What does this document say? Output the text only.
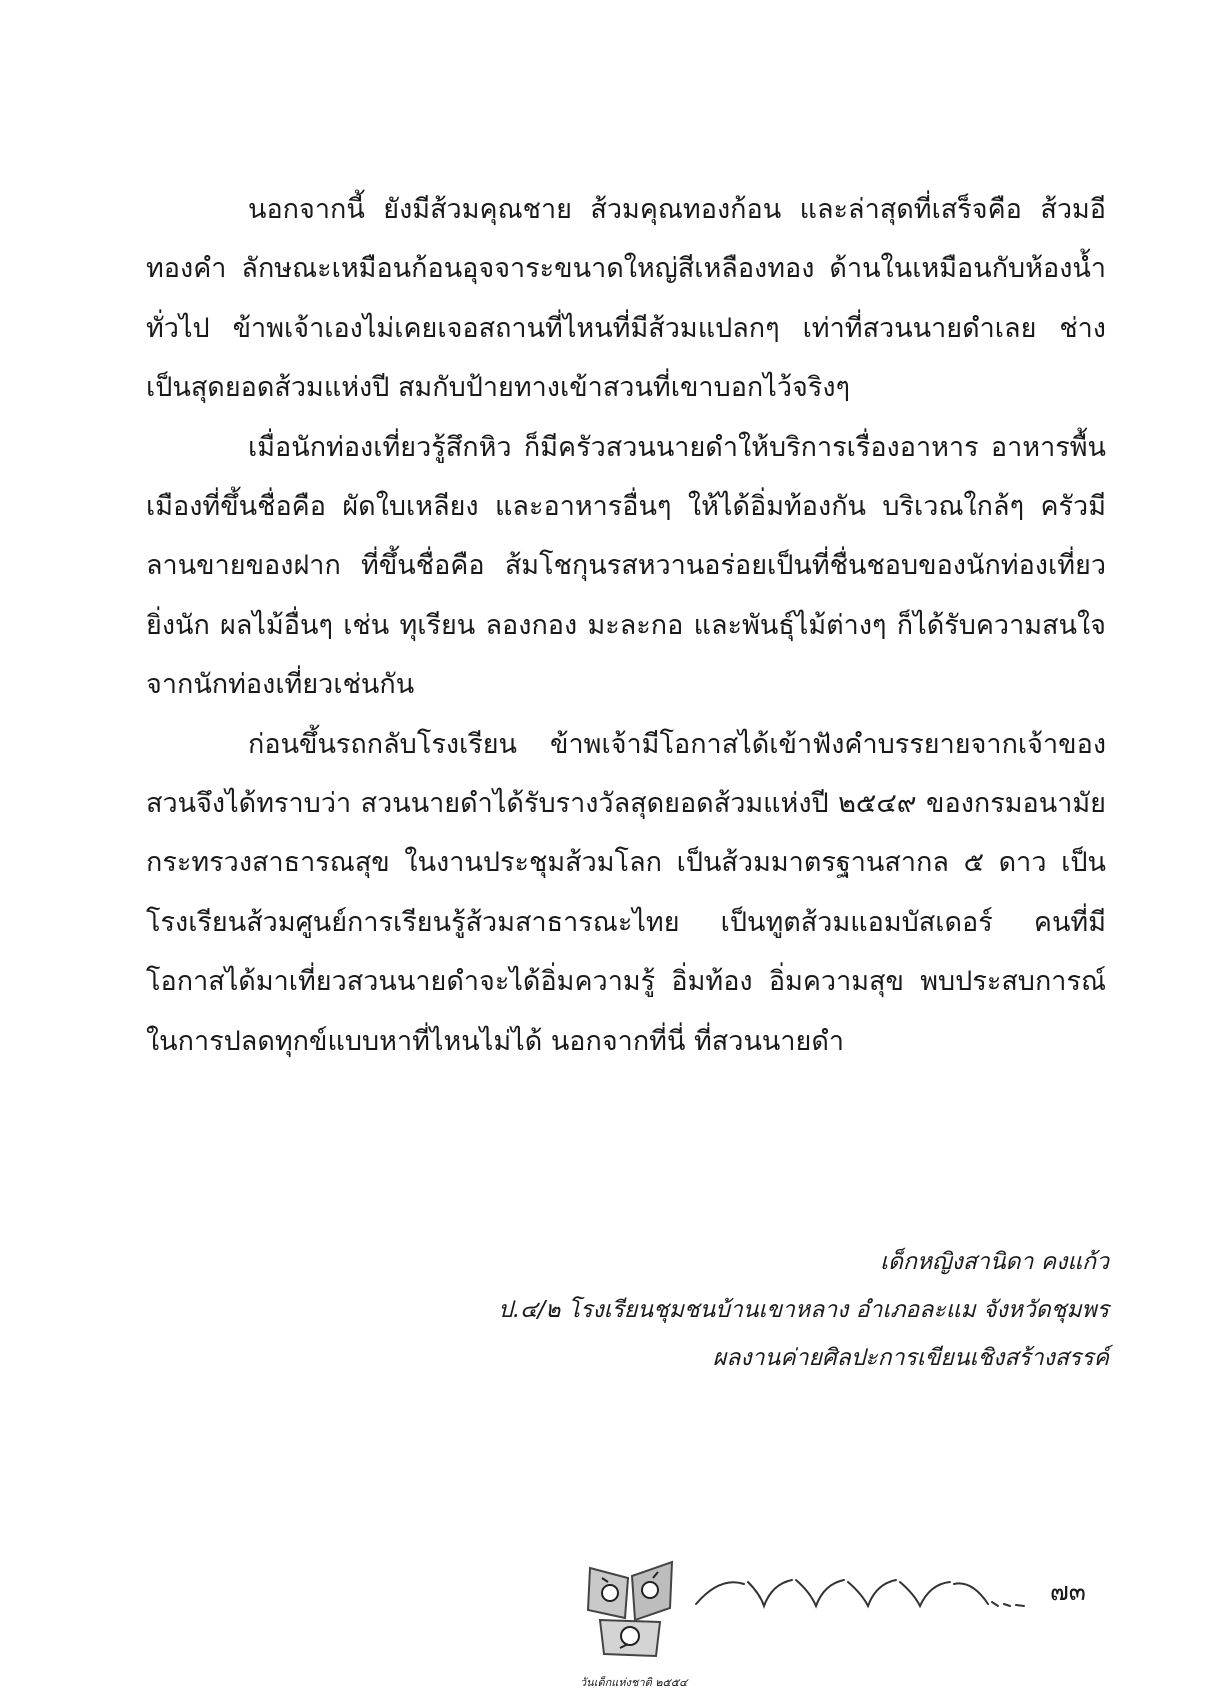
นอกจากนี้ ยังมีส้วมคุณชาย ส้วมคุณทองก้อน และล่าสุดที่เสร็จคือ ส้วมอีทองคำ ลักษณะเหมือนก้อนอุจจาระขนาดใหญ่สีเหลืองทอง ด้านในเหมือนกับห้องน้ำทั่วไป ข้าพเจ้าเองไม่เคยเจอสถานที่ไหนที่มีส้วมแปลกๆ เท่าที่สวนนายดำเลย ช่างเป็นสุดยอดส้วมแห่งปี สมกับป้ายทางเข้าสวนที่เขาบอกไว้จริงๆ

เมื่อนักท่องเที่ยวรู้สึกหิว ก็มีครัวสวนนายดำให้บริการเรื่องอาหาร อาหารพื้นเมืองที่ขึ้นชื่อคือ ผัดใบเหลียง และอาหารอื่นๆ ให้ได้อิ่มท้องกัน บริเวณใกล้ๆ ครัวมีลานขายของฝาก ที่ขึ้นชื่อคือ ส้มโชกุนรสหวานอร่อยเป็นที่ชื่นชอบของนักท่องเที่ยวยิ่งนัก ผลไม้อื่นๆ เช่น ทุเรียน ลองกอง มะละกอ และพันธุ์ไม้ต่างๆ ก็ได้รับความสนใจจากนักท่องเที่ยวเช่นกัน

ก่อนขึ้นรถกลับโรงเรียน ข้าพเจ้ามีโอกาสได้เข้าฟังคำบรรยายจากเจ้าของสวนจึงได้ทราบว่า สวนนายดำได้รับรางวัลสุดยอดส้วมแห่งปี ๒๕๔๙ ของกรมอนามัย กระทรวงสาธารณสุข ในงานประชุมส้วมโลก เป็นส้วมมาตรฐานสากล ๕ ดาว เป็นโรงเรียนส้วมศูนย์การเรียนรู้ส้วมสาธารณะไทย เป็นทูตส้วมแอมบัสเดอร์ คนที่มีโอกาสได้มาเที่ยวสวนนายดำจะได้อิ่มความรู้ อิ่มท้อง อิ่มความสุข พบประสบการณ์ในการปลดทุกข์แบบหาที่ไหนไม่ได้ นอกจากที่นี่ ที่สวนนายดำ

เด็กหญิงสานิดา คงแก้ว
ป.๔/๒ โรงเรียนชุมชนบ้านเขาหลาง อำเภอละแม จังหวัดชุมพร
ผลงานค่ายศิลปะการเขียนเชิงสร้างสรรค์
วันเด็กแห่งชาติ ๒๕๕๔
๗๓
